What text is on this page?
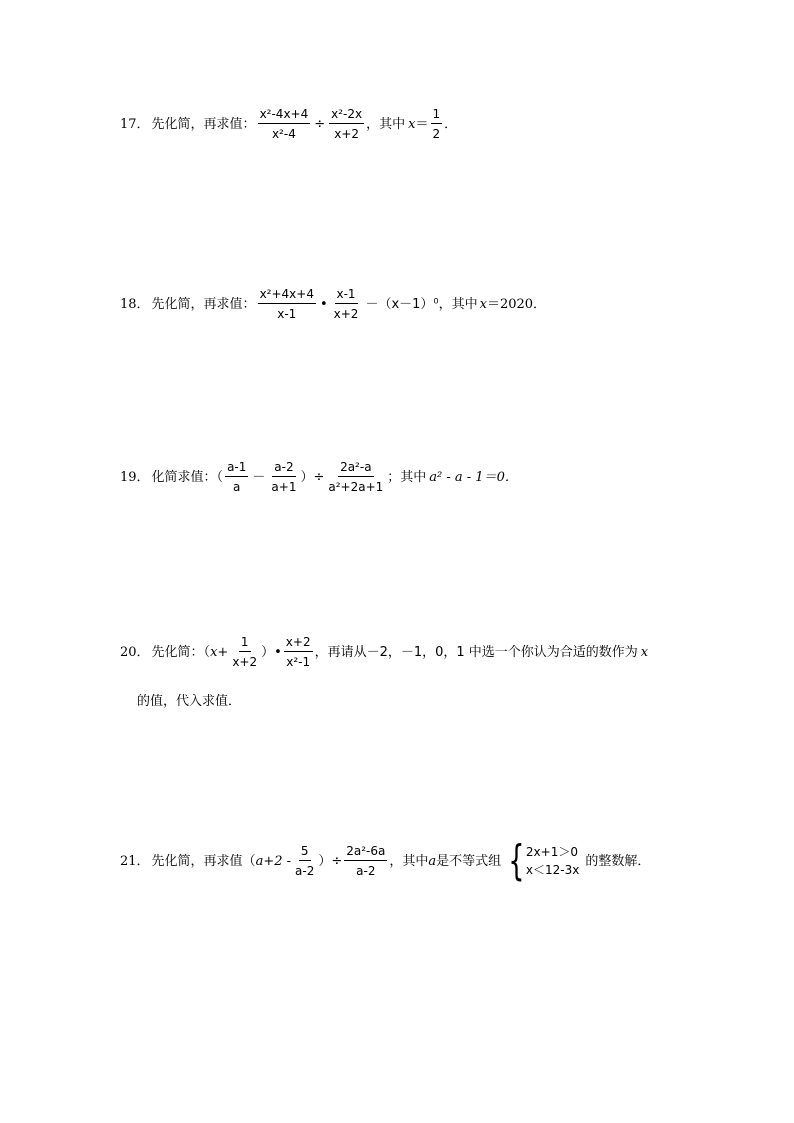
17． 先化简，再求值： $\frac{\text{x²-4x+4}}{\text{x²-4}} \div \frac{\text{x²-2x}}{x+2}$ ，其中 $x = \frac{1}{2}$ ．
18． 先化简，再求值： $\frac{\text{x²+4x+4}}{x-1}$ • $\frac{x-1}{x+2} -(x-1)^0$，其中 x ＝2020．
19． 化简求值：（ $\frac{a-1}{a} - \frac{a-2}{a+1}$ ）÷ $\frac{\text{2a²-a}}{\text{a²+2a+1}}$ ；其中 a² - a - 1＝0．
20． 先化简：（ $x + \frac{1}{x+2}$ ）• $\frac{x+2}{\text{x²-1}}$ ，再请从－2，－1，0，1 中选一个你认为合适的数作为 x
的值，代入求值．
21． 先化简，再求值（ $a+2 - \frac{5}{a-2}$ ）÷ $\frac{\text{2a²-6a}}{a-2}$ ，其中 a 是不等式组 { 2x+1＞0
x＜12-3x
的整数解．
